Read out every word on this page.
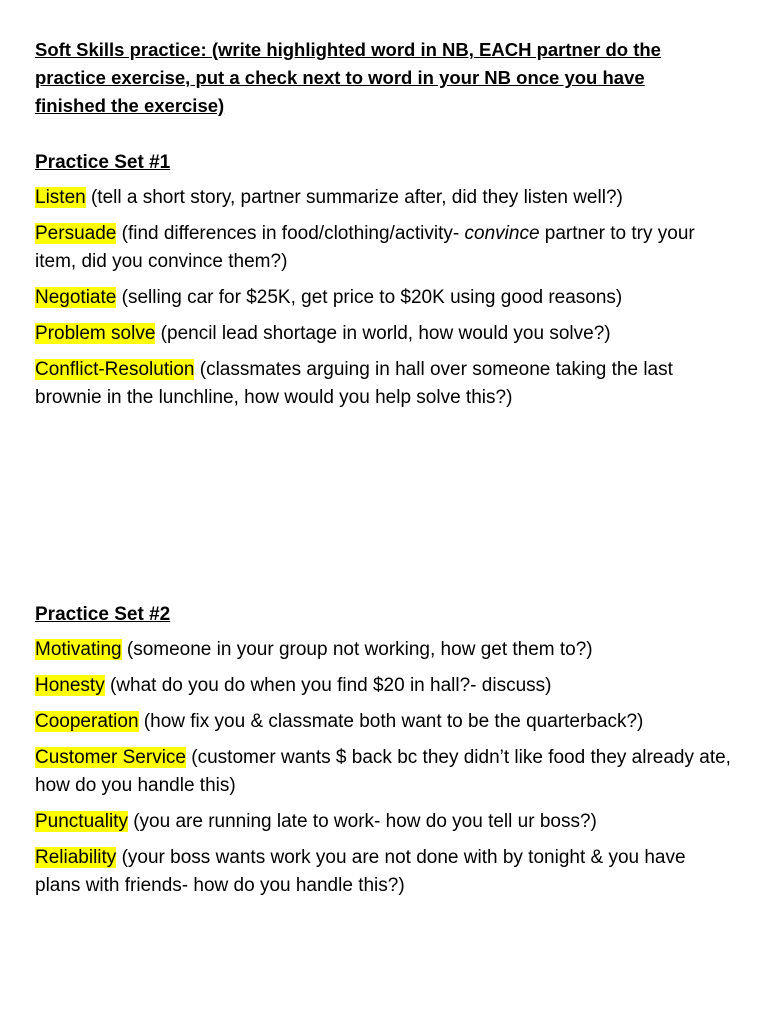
Soft Skills practice: (write highlighted word in NB, EACH partner do the
practice exercise, put a check next to word in your NB once you have
finished the exercise)

Practice Set #1

Listen (tell a short story, partner summarize after, did they listen well?)

Persuade (find differences in food/clothing/activity- convince partner to try your item, did you convince them?)

Negotiate (selling car for $25K, get price to $20K using good reasons)

Problem solve (pencil lead shortage in world, how would you solve?)

Conflict-Resolution (classmates arguing in hall over someone taking the last brownie in the lunchline, how would you help solve this?)

Practice Set #2

Motivating (someone in your group not working, how get them to?)

Honesty (what do you do when you find $20 in hall?- discuss)

Cooperation (how fix you & classmate both want to be the quarterback?)

Customer Service (customer wants $ back bc they didn’t like food they already ate, how do you handle this)

Punctuality (you are running late to work- how do you tell ur boss?)

Reliability (your boss wants work you are not done with by tonight & you have plans with friends- how do you handle this?)
